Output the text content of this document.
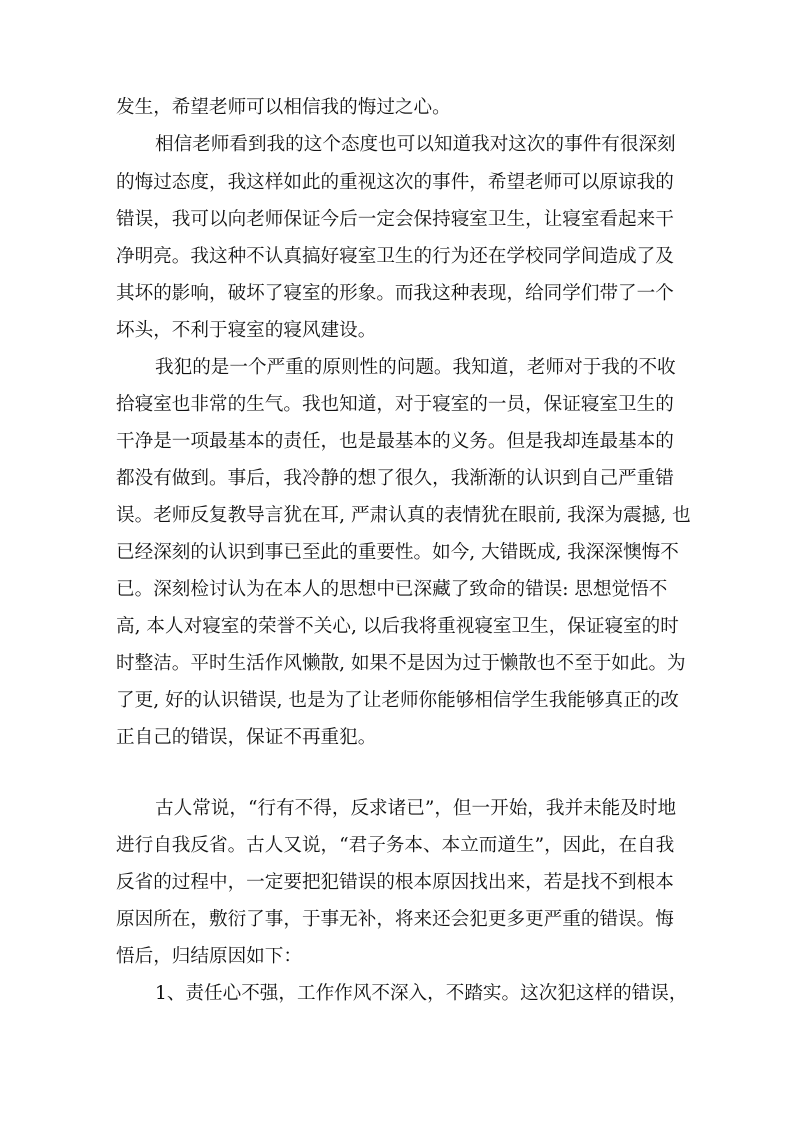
发生，希望老师可以相信我的悔过之心。
相信老师看到我的这个态度也可以知道我对这次的事件有很深刻
的悔过态度，我这样如此的重视这次的事件，希望老师可以原谅我的
错误，我可以向老师保证今后一定会保持寝室卫生，让寝室看起来干
净明亮。我这种不认真搞好寝室卫生的行为还在学校同学间造成了及
其坏的影响，破坏了寝室的形象。而我这种表现，给同学们带了一个
坏头，不利于寝室的寝风建设。
我犯的是一个严重的原则性的问题。我知道，老师对于我的不收
拾寝室也非常的生气。我也知道，对于寝室的一员，保证寝室卫生的
干净是一项最基本的责任，也是最基本的义务。但是我却连最基本的
都没有做到。事后，我冷静的想了很久，我渐渐的认识到自己严重错
误。老师反复教导言犹在耳, 严肃认真的表情犹在眼前, 我深为震撼, 也
已经深刻的认识到事已至此的重要性。如今, 大错既成, 我深深懊悔不
已。深刻检讨认为在本人的思想中已深藏了致命的错误: 思想觉悟不
高, 本人对寝室的荣誉不关心, 以后我将重视寝室卫生，保证寝室的时
时整洁。平时生活作风懒散, 如果不是因为过于懒散也不至于如此。为
了更, 好的认识错误, 也是为了让老师你能够相信学生我能够真正的改
正自己的错误，保证不再重犯。
古人常说，“行有不得，反求诸已”，但一开始，我并未能及时地
进行自我反省。古人又说，“君子务本、本立而道生”，因此，在自我
反省的过程中，一定要把犯错误的根本原因找出来，若是找不到根本
原因所在，敷衍了事，于事无补，将来还会犯更多更严重的错误。悔
悟后，归结原因如下：
1、责任心不强，工作作风不深入，不踏实。这次犯这样的错误，
